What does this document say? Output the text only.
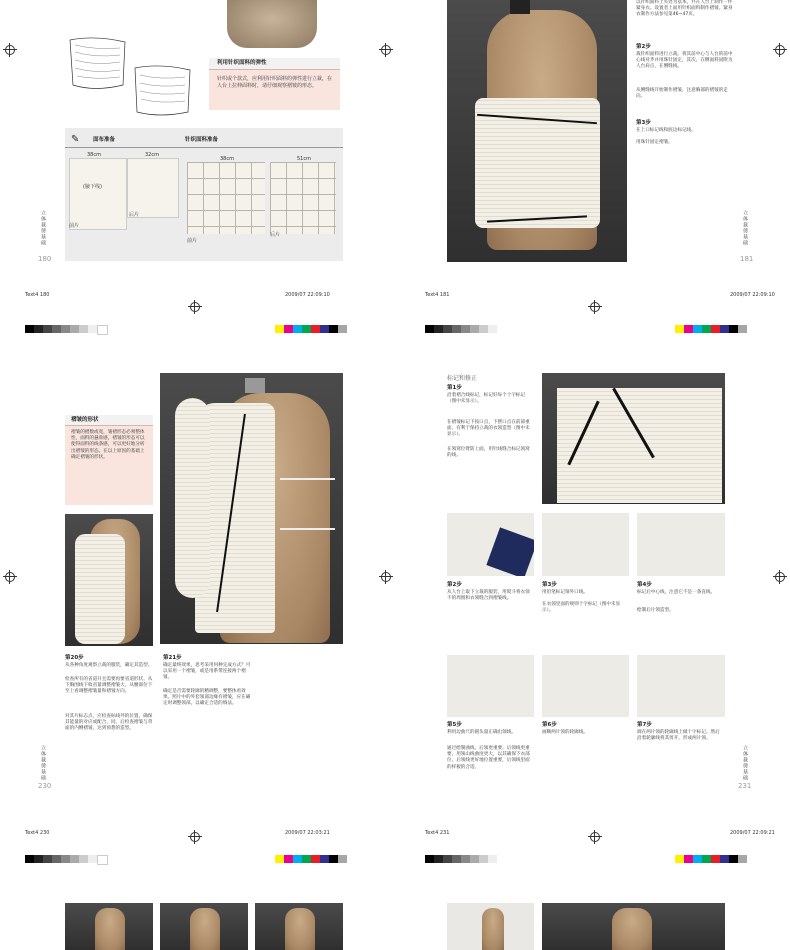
利用针织面料的弹性
针织或个款式，应利用针织面料的弹性进行立裁，在人台上拉伸面料时，请仔细观察褶皱的形态。
✎ 面布准备	针织面料准备
38cm	32cm
38cm	51cm
(腋下线)
前片
后片
前片
后片
立体裁剪基础
180
以针织面料上夹处为基本，共在人台上制作一件紧身衣。设置者上面用针织面料制作褶皱。紧身衣制作方法参见第46~47页。
第2步
裁针织面料进行立裁。将其前中心与人台的前中心线对齐并用珠针固定，其次，在侧面料固附为人台肩点，在侧缝线。
从侧缝线开始制作褶皱，注意胸部的褶皱的走向。
第3步
在上口标记线和底边标记线。
用珠针固定褶皱。
立体裁剪基础
181
Text4 180	2009/07 22:09:10	Text4 181	2009/07 22:09:10
褶皱的形状
褶皱的褶数或宽，皱褶形态必须整体性，面料的悬垂感，褶皱的形态可以使得面料的线条感，可以更好地分析出褶皱的形态。在以上原因的基础上确定褶皱的形状。
第20步
从各种角度观察立裁的服装，确定其造型。
检查所有的省道开且需要再要省道形状。从下胸围线下收省量调整褶皱大，从腰部位下至上看调整褶皱量和褶皱方向。
对其片标志点，应检查标线外的位置，确保其能量的对应或配合，同，后检查褶皱与背面的内侧褶皱，达到预想的造型。
第21步
确定最终效果，思考采用何种完成方式？可以采用一个褶皱，或是用系带连接两个褶皱。
确定是否需要轮廓的精调整，要整体看效果。照片中的外套领部边缘有褶皱，应在确定时调整领部，以确定合适的绱法。
立体裁剪基础
230
标记和修正
第1步
沿着褶合线标记，标记好每个十字标记（图中未显示）。
在褶皱标记下按口点，下摆口点在前部重面，有利于保持立裁的衣领造型（图中未显示）。
在领窝位臂防上面，用针线缝合标记领窝的线。
第2步
从人台上取下立裁的服装，用熨斗将衣领不的周围和衣领缝合到褶皱线。
第3步
用铅笔标记领外口线。
在衣领里面的规则十字标记（图中未显示）。
第4步
标记后中心线，注意它不是一条直线。
绘制后片领造型。
第5步
利用边曲尺的圆头量正确出领线。
通过绘制曲线，后领更重要。后领线更重要，用领山线曲度更大，以其确保下衣部位，后领线更好地位置重要，后领线里面的样板的合适。
第6步
画顺两片领的轮廓线。
第7步
调在两片领的轮廓线上做十字标记。然后沿着轮廓线将其剪开，形成两片领。
立体裁剪基础
231
Text4 230	2009/07 22:03:21	Text4 231	2009/07 22:09:21
